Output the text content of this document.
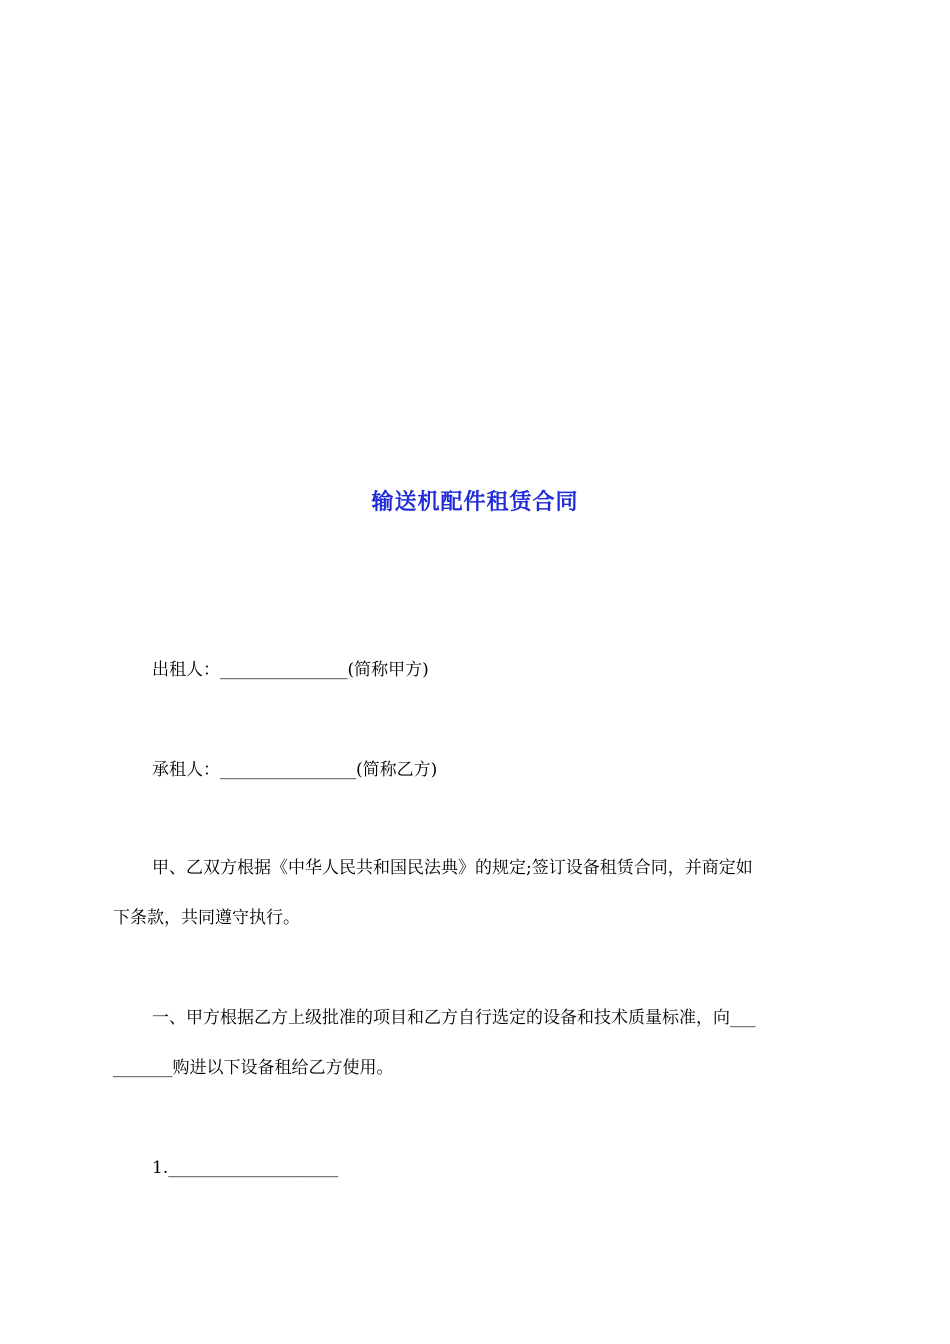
输送机配件租赁合同
出租人：_______________(简称甲方)
承租人：________________(简称乙方)
甲、乙双方根据《中华人民共和国民法典》的规定;签订设备租赁合同，并商定如
下条款，共同遵守执行。
一、甲方根据乙方上级批准的项目和乙方自行选定的设备和技术质量标准，向___
_______购进以下设备租给乙方使用。
1.____________________
